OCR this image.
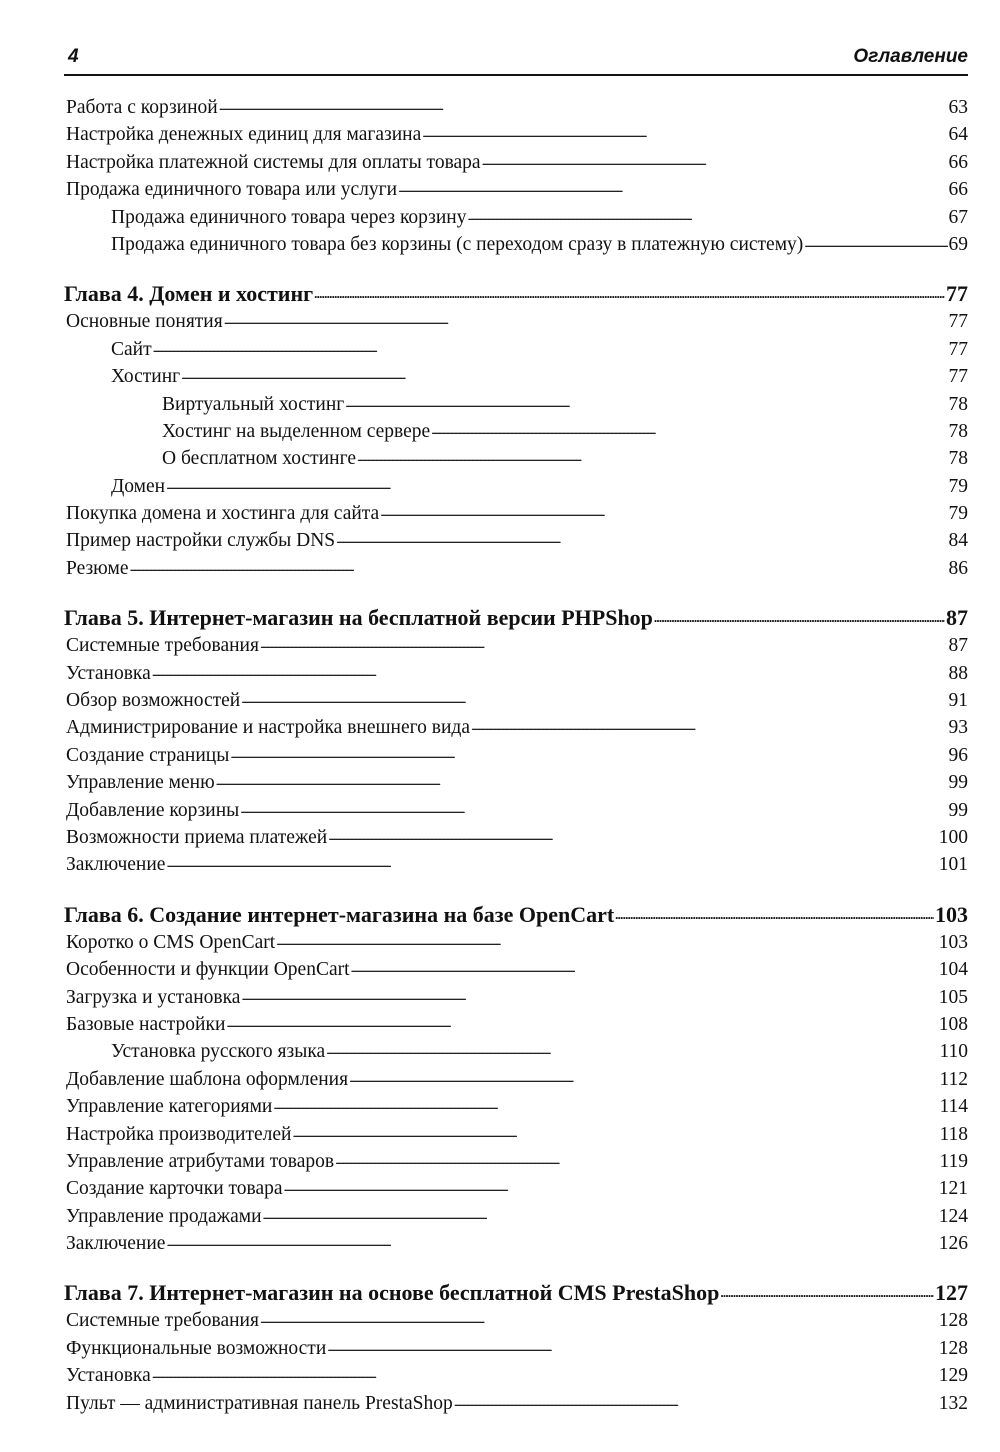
4	Оглавление
Работа с корзиной . . .	63
Настройка денежных единиц для магазина . . .	64
Настройка платежной системы для оплаты товара . . .	66
Продажа единичного товара или услуги . . .	66
Продажа единичного товара через корзину . . .	67
Продажа единичного товара без корзины (с переходом сразу в платежную систему) . . .	69
Глава 4. Домен и хостинг . . .	77
Основные понятия . . .	77
Сайт . . .	77
Хостинг . . .	77
Виртуальный хостинг . . .	78
Хостинг на выделенном сервере . . .	78
О бесплатном хостинге . . .	78
Домен . . .	79
Покупка домена и хостинга для сайта . . .	79
Пример настройки службы DNS . . .	84
Резюме . . .	86
Глава 5. Интернет-магазин на бесплатной версии PHPShop . . .	87
Системные требования . . .	87
Установка . . .	88
Обзор возможностей . . .	91
Администрирование и настройка внешнего вида . . .	93
Создание страницы . . .	96
Управление меню . . .	99
Добавление корзины . . .	99
Возможности приема платежей . . .	100
Заключение . . .	101
Глава 6. Создание интернет-магазина на базе OpenCart . . .	103
Коротко о CMS OpenCart . . .	103
Особенности и функции OpenCart . . .	104
Загрузка и установка . . .	105
Базовые настройки . . .	108
Установка русского языка . . .	110
Добавление шаблона оформления . . .	112
Управление категориями . . .	114
Настройка производителей . . .	118
Управление атрибутами товаров . . .	119
Создание карточки товара . . .	121
Управление продажами . . .	124
Заключение . . .	126
Глава 7. Интернет-магазин на основе бесплатной CMS PrestaShop . . .	127
Системные требования . . .	128
Функциональные возможности . . .	128
Установка . . .	129
Пульт — административная панель PrestaShop . . .	132
